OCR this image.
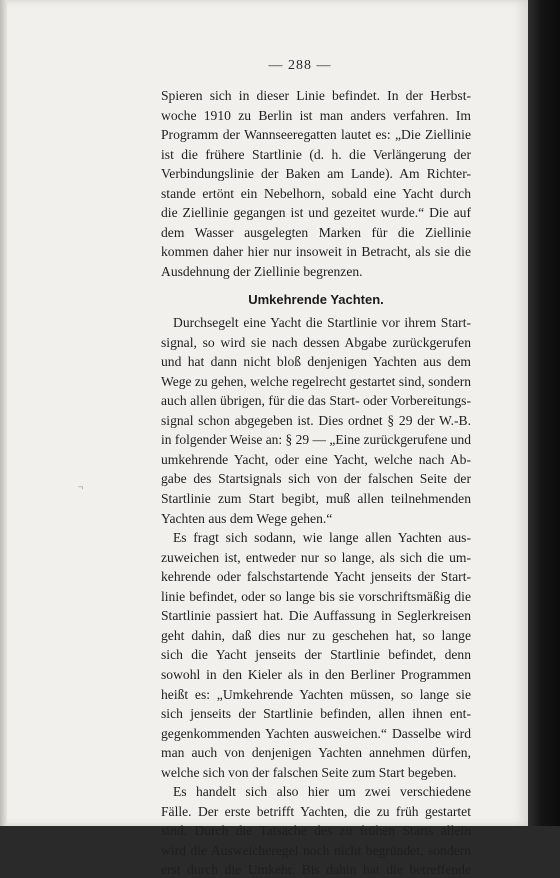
— 288 —
Spieren sich in dieser Linie befindet. In der Herbst-
woche 1910 zu Berlin ist man anders verfahren. Im
Programm der Wannseeregatten lautet es: „Die Ziellinie
ist die frühere Startlinie (d. h. die Verlängerung der
Verbindungslinie der Baken am Lande). Am Richter-
stande ertönt ein Nebelhorn, sobald eine Yacht durch
die Ziellinie gegangen ist und gezeitet wurde.“ Die auf
dem Wasser ausgelegten Marken für die Ziellinie
kommen daher hier nur insoweit in Betracht, als sie die
Ausdehnung der Ziellinie begrenzen.
Umkehrende Yachten.
Durchsegelt eine Yacht die Startlinie vor ihrem Start-
signal, so wird sie nach dessen Abgabe zurückgerufen
und hat dann nicht bloß denjenigen Yachten aus dem
Wege zu gehen, welche regelrecht gestartet sind, sondern
auch allen übrigen, für die das Start- oder Vorbereitungs-
signal schon abgegeben ist. Dies ordnet § 29 der W.-B.
in folgender Weise an: § 29 — „Eine zurückgerufene und
umkehrende Yacht, oder eine Yacht, welche nach Ab-
gabe des Startsignals sich von der falschen Seite der
Startlinie zum Start begibt, muß allen teilnehmenden
Yachten aus dem Wege gehen.“
Es fragt sich sodann, wie lange allen Yachten aus-
zuweichen ist, entweder nur so lange, als sich die um-
kehrende oder falschstartende Yacht jenseits der Start-
linie befindet, oder so lange bis sie vorschriftsmäßig die
Startlinie passiert hat. Die Auffassung in Seglerkreisen
geht dahin, daß dies nur zu geschehen hat, so lange
sich die Yacht jenseits der Startlinie befindet, denn
sowohl in den Kieler als in den Berliner Programmen
heißt es: „Umkehrende Yachten müssen, so lange sie
sich jenseits der Startlinie befinden, allen ihnen ent-
gegenkommenden Yachten ausweichen.“ Dasselbe wird
man auch von denjenigen Yachten annehmen dürfen,
welche sich von der falschen Seite zum Start begeben.
Es handelt sich also hier um zwei verschiedene
Fälle. Der erste betrifft Yachten, die zu früh gestartet
sind. Durch die Tatsache des zu frühen Starts allein
wird die Ausweicheregel noch nicht begründet, sondern
erst durch die Umkehr. Bis dahin hat die betreffende
¬
